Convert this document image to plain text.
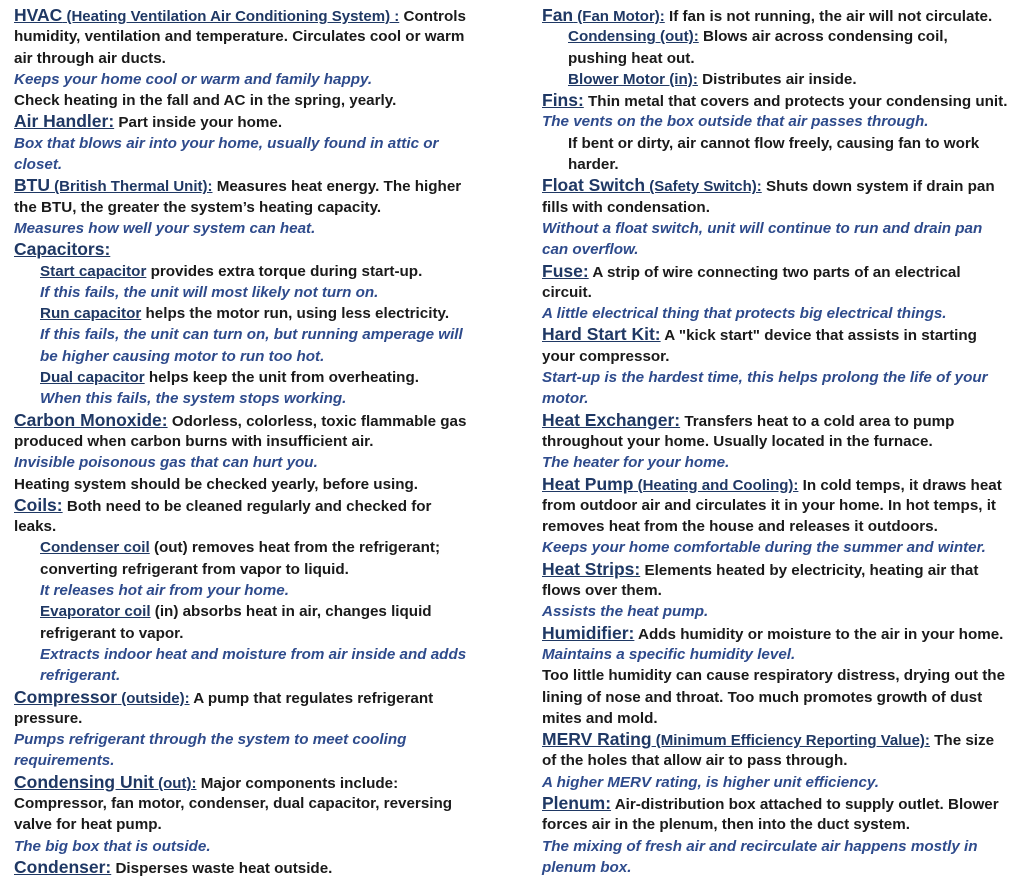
HVAC (Heating Ventilation Air Conditioning System) : Controls
humidity, ventilation and temperature. Circulates cool or warm
air through air ducts.
Keeps your home cool or warm and family happy.
Check heating in the fall and AC in the spring, yearly.
Air Handler: Part inside your home.
Box that blows air into your home, usually found in attic or
closet.
BTU (British Thermal Unit): Measures heat energy. The higher
the BTU, the greater the system’s heating capacity.
Measures how well your system can heat.
Capacitors:
Start capacitor provides extra torque during start-up.
If this fails, the unit will most likely not turn on.
Run capacitor helps the motor run, using less electricity.
If this fails, the unit can turn on, but running amperage will
be higher causing motor to run too hot.
Dual capacitor helps keep the unit from overheating.
When this fails, the system stops working.
Carbon Monoxide: Odorless, colorless, toxic flammable gas
produced when carbon burns with insufficient air.
Invisible poisonous gas that can hurt you.
Heating system should be checked yearly, before using.
Coils: Both need to be cleaned regularly and checked for
leaks.
Condenser coil (out) removes heat from the refrigerant;
converting refrigerant from vapor to liquid.
It releases hot air from your home.
Evaporator coil (in) absorbs heat in air, changes liquid
refrigerant to vapor.
Extracts indoor heat and moisture from air inside and adds
refrigerant.
Compressor (outside): A pump that regulates refrigerant
pressure.
Pumps refrigerant through the system to meet cooling
requirements.
Condensing Unit (out): Major components include:
Compressor, fan motor, condenser, dual capacitor, reversing
valve for heat pump.
The big box that is outside.
Condenser: Disperses waste heat outside.
Fan (Fan Motor): If fan is not running, the air will not circulate.
Condensing (out): Blows air across condensing coil,
pushing heat out.
Blower Motor (in): Distributes air inside.
Fins: Thin metal that covers and protects your condensing unit.
The vents on the box outside that air passes through.
If bent or dirty, air cannot flow freely, causing fan to work
harder.
Float Switch (Safety Switch): Shuts down system if drain pan
fills with condensation.
Without a float switch, unit will continue to run and drain pan
can overflow.
Fuse: A strip of wire connecting two parts of an electrical
circuit.
A little electrical thing that protects big electrical things.
Hard Start Kit: A "kick start" device that assists in starting
your compressor.
Start-up is the hardest time, this helps prolong the life of your
motor.
Heat Exchanger: Transfers heat to a cold area to pump
throughout your home. Usually located in the furnace.
The heater for your home.
Heat Pump (Heating and Cooling): In cold temps, it draws heat
from outdoor air and circulates it in your home. In hot temps, it
removes heat from the house and releases it outdoors.
Keeps your home comfortable during the summer and winter.
Heat Strips: Elements heated by electricity, heating air that
flows over them.
Assists the heat pump.
Humidifier: Adds humidity or moisture to the air in your home.
Maintains a specific humidity level.
Too little humidity can cause respiratory distress, drying out the
lining of nose and throat. Too much promotes growth of dust
mites and mold.
MERV Rating (Minimum Efficiency Reporting Value): The size
of the holes that allow air to pass through.
A higher MERV rating, is higher unit efficiency.
Plenum: Air-distribution box attached to supply outlet. Blower
forces air in the plenum, then into the duct system.
The mixing of fresh air and recirculate air happens mostly in
plenum box.
